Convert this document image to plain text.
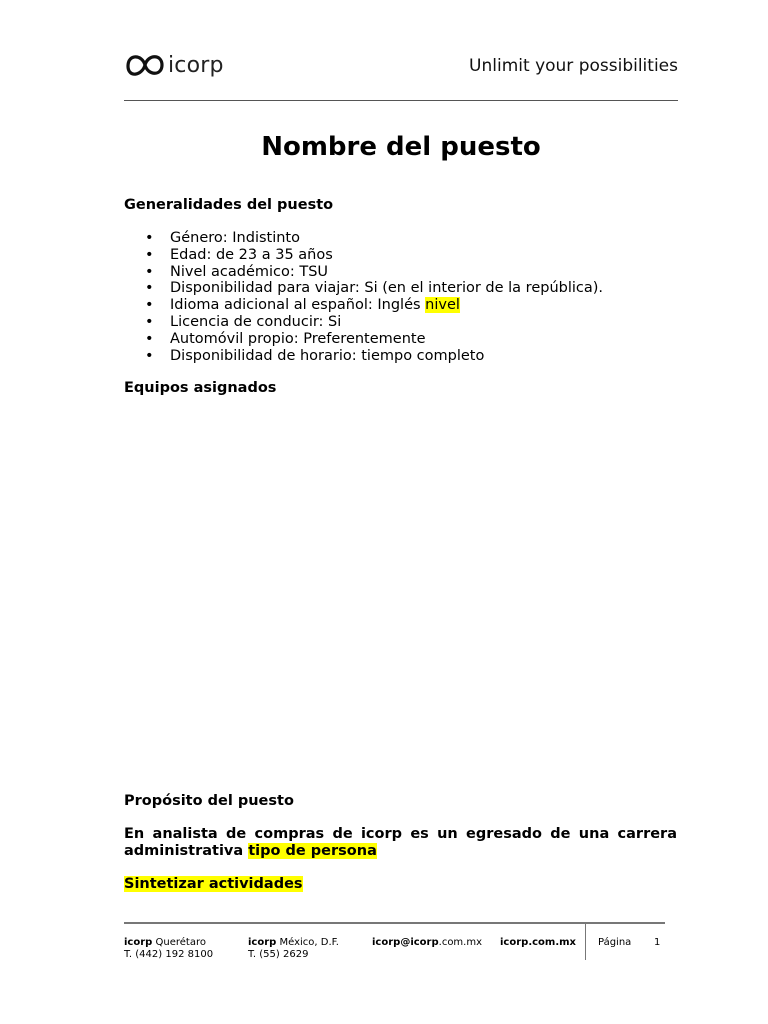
icorp	Unlimit your possibilities
Nombre del puesto
Generalidades del puesto
• Género: Indistinto
• Edad: de 23 a 35 años
• Nivel académico: TSU
• Disponibilidad para viajar: Si (en el interior de la república).
• Idioma adicional al español: Inglés nivel
• Licencia de conducir: Si
• Automóvil propio: Preferentemente
• Disponibilidad de horario: tiempo completo
Equipos asignados
Propósito del puesto
En analista de compras de icorp es un egresado de una carrera administrativa tipo de persona
Sintetizar actividades
icorp Querétaro
T. (442) 192 8100
icorp México, D.F.
T. (55) 2629
icorp@icorp.com.mx icorp.com.mx	Página 1
